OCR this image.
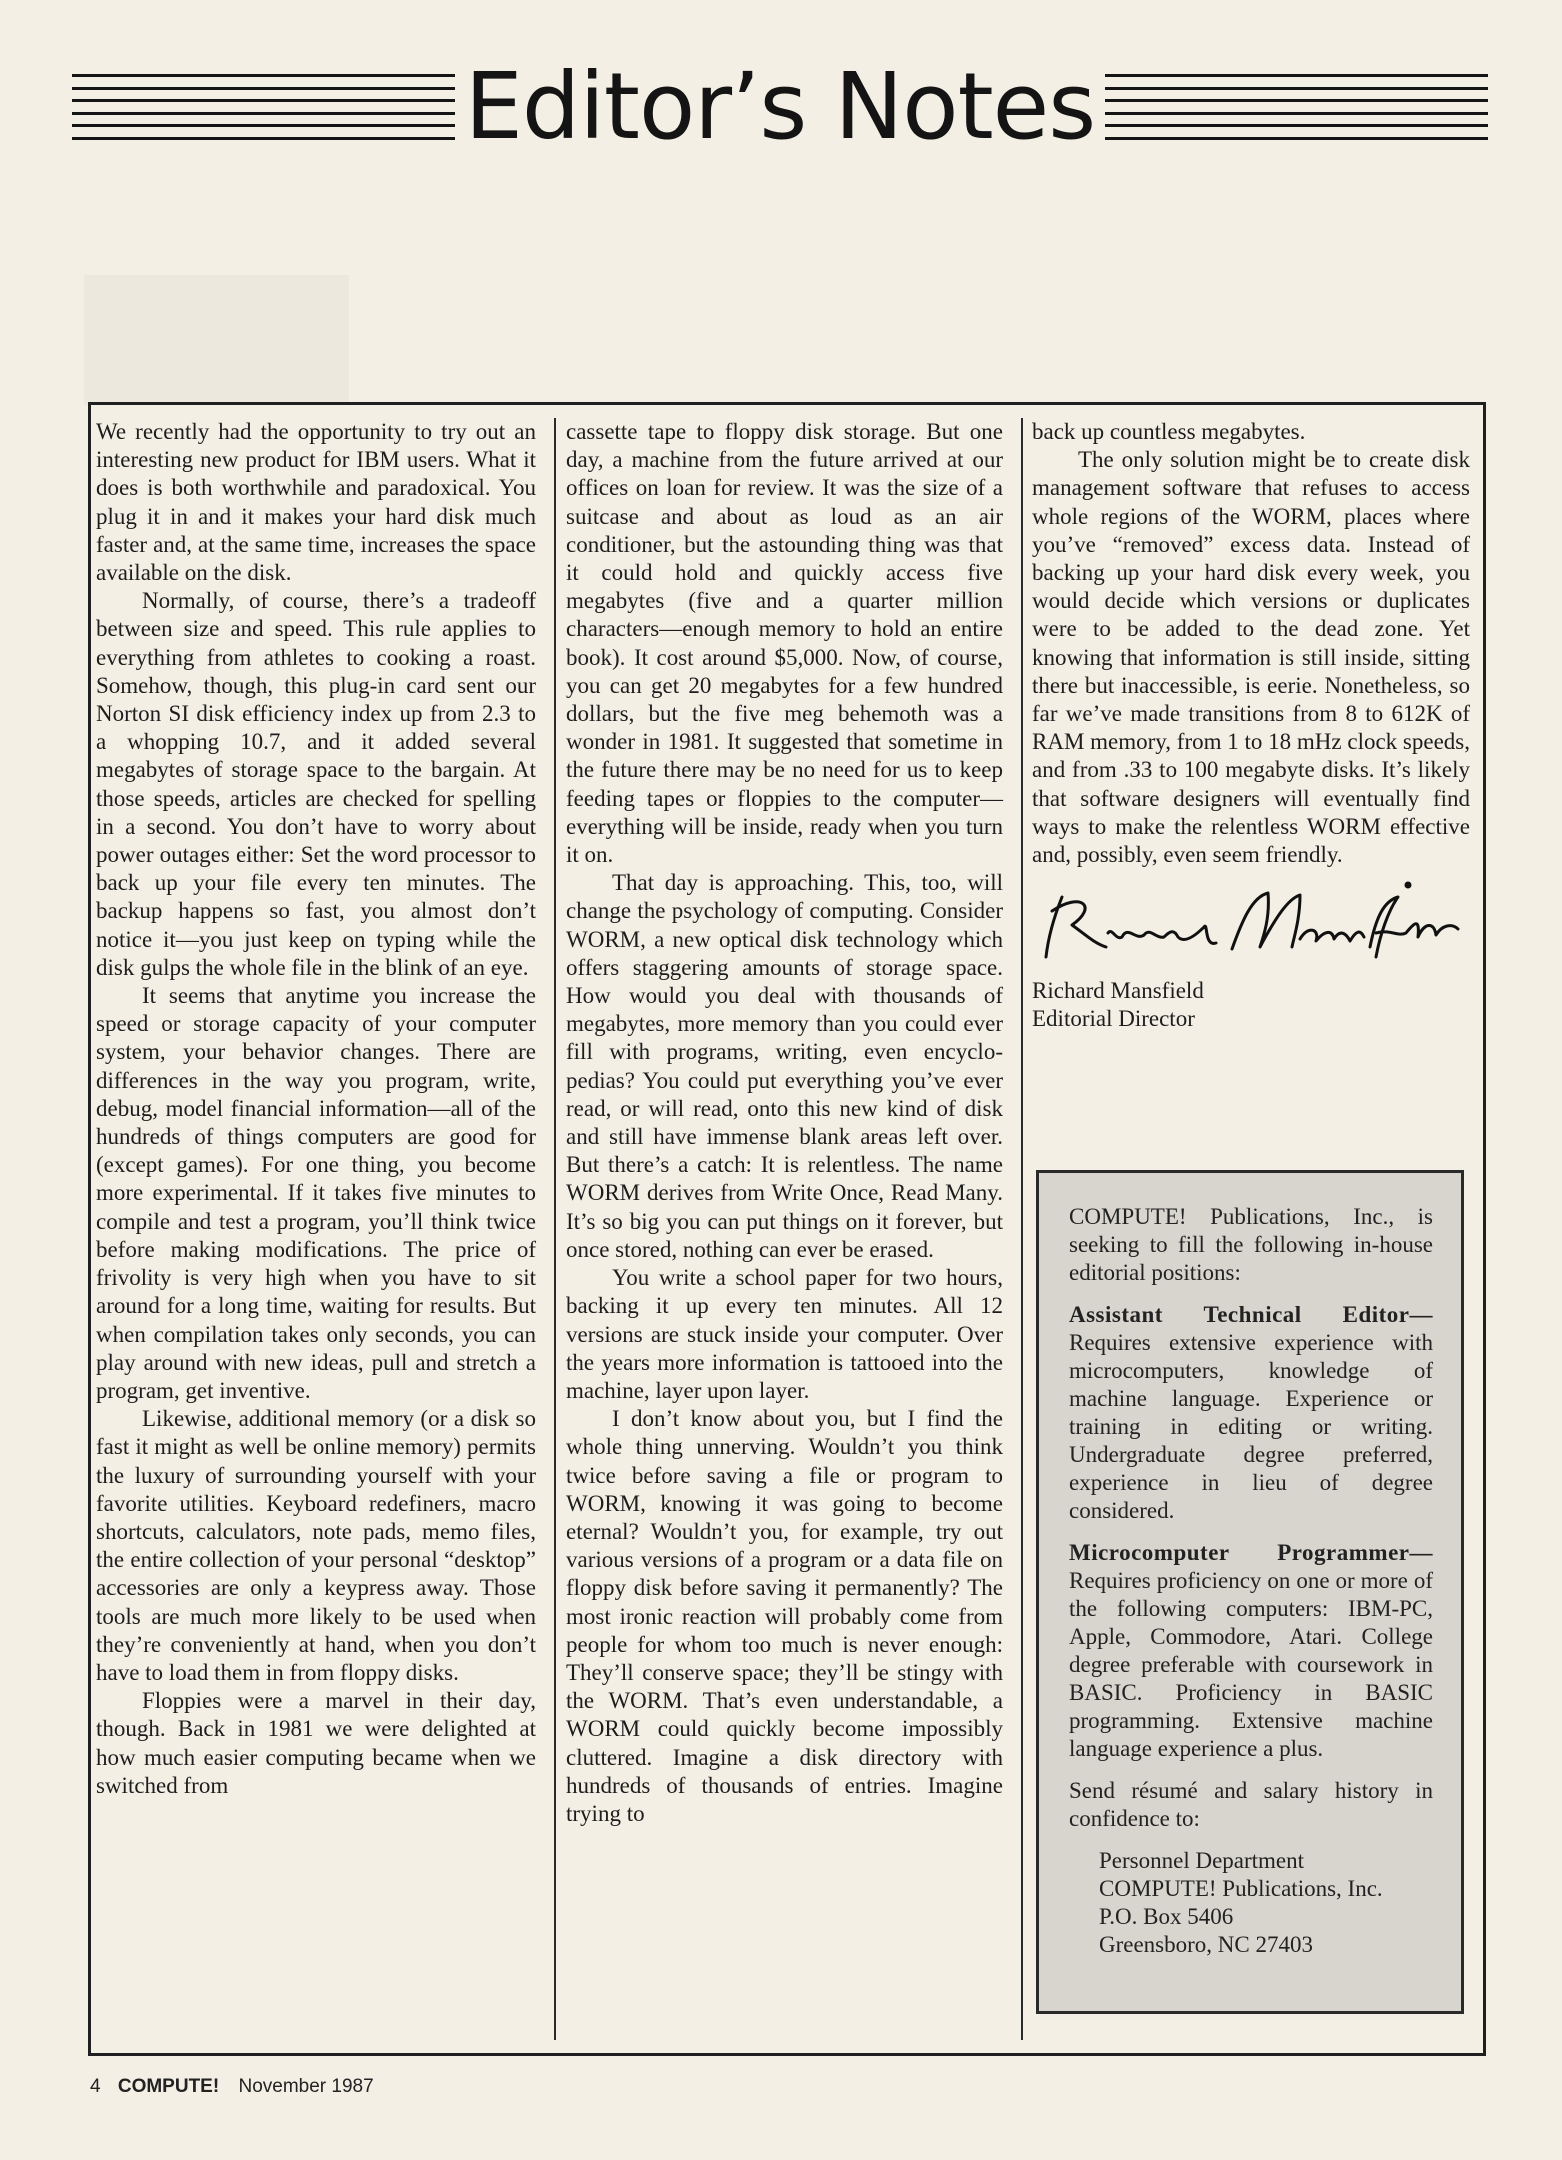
Editor’s Notes

We recently had the opportunity to try out an interesting new product for IBM users. What it does is both worthwhile and paradoxical. You plug it in and it makes your hard disk much faster and, at the same time, increases the space available on the disk.

Normally, of course, there’s a tradeoff between size and speed. This rule applies to everything from athletes to cooking a roast. Somehow, though, this plug-in card sent our Norton SI disk efficiency index up from 2.3 to a whopping 10.7, and it added several megabytes of storage space to the bargain. At those speeds, articles are checked for spelling in a second. You don’t have to worry about power outages either: Set the word processor to back up your file every ten minutes. The backup happens so fast, you almost don’t notice it—you just keep on typing while the disk gulps the whole file in the blink of an eye.

It seems that anytime you increase the speed or storage capacity of your computer system, your behavior changes. There are differences in the way you program, write, debug, model financial information—all of the hundreds of things computers are good for (except games). For one thing, you become more experimental. If it takes five minutes to compile and test a program, you’ll think twice before making modifications. The price of frivolity is very high when you have to sit around for a long time, waiting for results. But when compilation takes only seconds, you can play around with new ideas, pull and stretch a program, get inventive.

Likewise, additional memory (or a disk so fast it might as well be online memory) permits the luxury of surrounding yourself with your favorite utilities. Keyboard redefiners, macro shortcuts, calculators, note pads, memo files, the entire collection of your personal “desktop” accessories are only a keypress away. Those tools are much more likely to be used when they’re conveniently at hand, when you don’t have to load them in from floppy disks.

Floppies were a marvel in their day, though. Back in 1981 we were delighted at how much easier computing became when we switched from

cassette tape to floppy disk storage. But one day, a machine from the future arrived at our offices on loan for review. It was the size of a suitcase and about as loud as an air conditioner, but the astounding thing was that it could hold and quickly access five megabytes (five and a quarter million characters—enough memory to hold an entire book). It cost around $5,000. Now, of course, you can get 20 megabytes for a few hundred dollars, but the five meg behemoth was a wonder in 1981. It suggested that sometime in the future there may be no need for us to keep feeding tapes or floppies to the computer—everything will be inside, ready when you turn it on.

That day is approaching. This, too, will change the psychology of computing. Consider WORM, a new optical disk technology which offers staggering amounts of storage space. How would you deal with thousands of megabytes, more memory than you could ever fill with programs, writing, even encyclopedias? You could put everything you’ve ever read, or will read, onto this new kind of disk and still have immense blank areas left over. But there’s a catch: It is relentless. The name WORM derives from Write Once, Read Many. It’s so big you can put things on it forever, but once stored, nothing can ever be erased.

You write a school paper for two hours, backing it up every ten minutes. All 12 versions are stuck inside your computer. Over the years more information is tattooed into the machine, layer upon layer.

I don’t know about you, but I find the whole thing unnerving. Wouldn’t you think twice before saving a file or program to WORM, knowing it was going to become eternal? Wouldn’t you, for example, try out various versions of a program or a data file on floppy disk before saving it permanently? The most ironic reaction will probably come from people for whom too much is never enough: They’ll conserve space; they’ll be stingy with the WORM. That’s even understandable, a WORM could quickly become impossibly cluttered. Imagine a disk directory with hundreds of thousands of entries. Imagine trying to

back up countless megabytes.

The only solution might be to create disk management software that refuses to access whole regions of the WORM, places where you’ve “removed” excess data. Instead of backing up your hard disk every week, you would decide which versions or duplicates were to be added to the dead zone. Yet knowing that information is still inside, sitting there but inaccessible, is eerie. Nonetheless, so far we’ve made transitions from 8 to 612K of RAM memory, from 1 to 18 mHz clock speeds, and from .33 to 100 megabyte disks. It’s likely that software designers will eventually find ways to make the relentless WORM effective and, possibly, even seem friendly.

Richard Mansfield
Editorial Director

COMPUTE! Publications, Inc., is seeking to fill the following in-house editorial positions:

Assistant Technical Editor— Requires extensive experience with microcomputers, knowledge of machine language. Experience or training in editing or writing. Undergraduate degree preferred, experience in lieu of degree considered.

Microcomputer Programmer— Requires proficiency on one or more of the following computers: IBM-PC, Apple, Commodore, Atari. College degree preferable with coursework in BASIC. Proficiency in BASIC programming. Extensive machine language experience a plus.

Send résumé and salary history in confidence to:

Personnel Department
COMPUTE! Publications, Inc.
P.O. Box 5406
Greensboro, NC 27403
4 COMPUTE! November 1987
